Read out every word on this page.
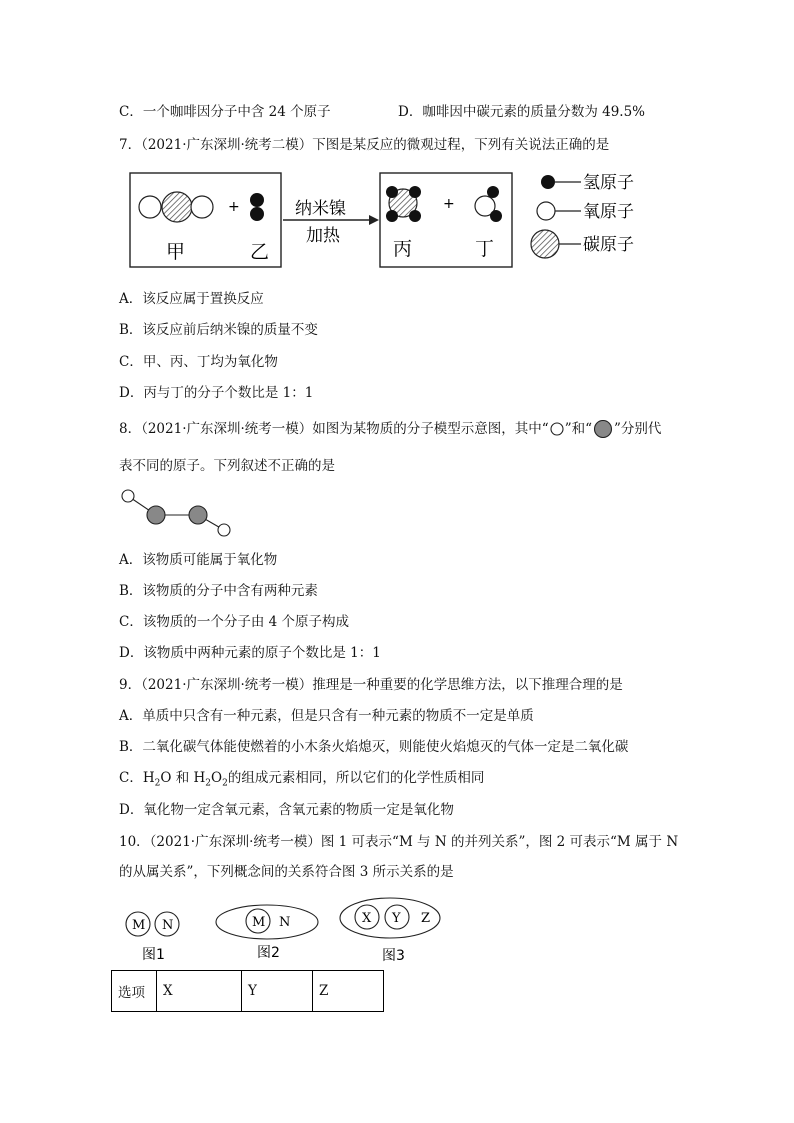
C．一个咖啡因分子中含 24 个原子	D．咖啡因中碳元素的质量分数为 49.5%
7．（2021·广东深圳·统考二模）下图是某反应的微观过程，下列有关说法正确的是
+
甲	乙
纳米镍
加热
+
丙	丁
氢原子
氧原子
碳原子
A．该反应属于置换反应
B．该反应前后纳米镍的质量不变
C．甲、丙、丁均为氧化物
D．丙与丁的分子个数比是 1：1
8．（2021·广东深圳·统考一模）如图为某物质的分子模型示意图，其中“ ”和“ ”分别代
表不同的原子。下列叙述不正确的是
A．该物质可能属于氧化物
B．该物质的分子中含有两种元素
C．该物质的一个分子由 4 个原子构成
D．该物质中两种元素的原子个数比是 1：1
9．（2021·广东深圳·统考一模）推理是一种重要的化学思维方法，以下推理合理的是
A．单质中只含有一种元素，但是只含有一种元素的物质不一定是单质
B．二氧化碳气体能使燃着的小木条火焰熄灭，则能使火焰熄灭的气体一定是二氧化碳
C．$H_2O$ 和 $H_2O_2$的组成元素相同，所以它们的化学性质相同
D．氧化物一定含氧元素，含氧元素的物质一定是氧化物
10．（2021·广东深圳·统考一模）图 1 可表示“M 与 N 的并列关系”，图 2 可表示“M 属于 N
的从属关系”，下列概念间的关系符合图 3 所示关系的是
M N
图1
M N
图2
X Y Z
图3
选项	X	Y	Z
